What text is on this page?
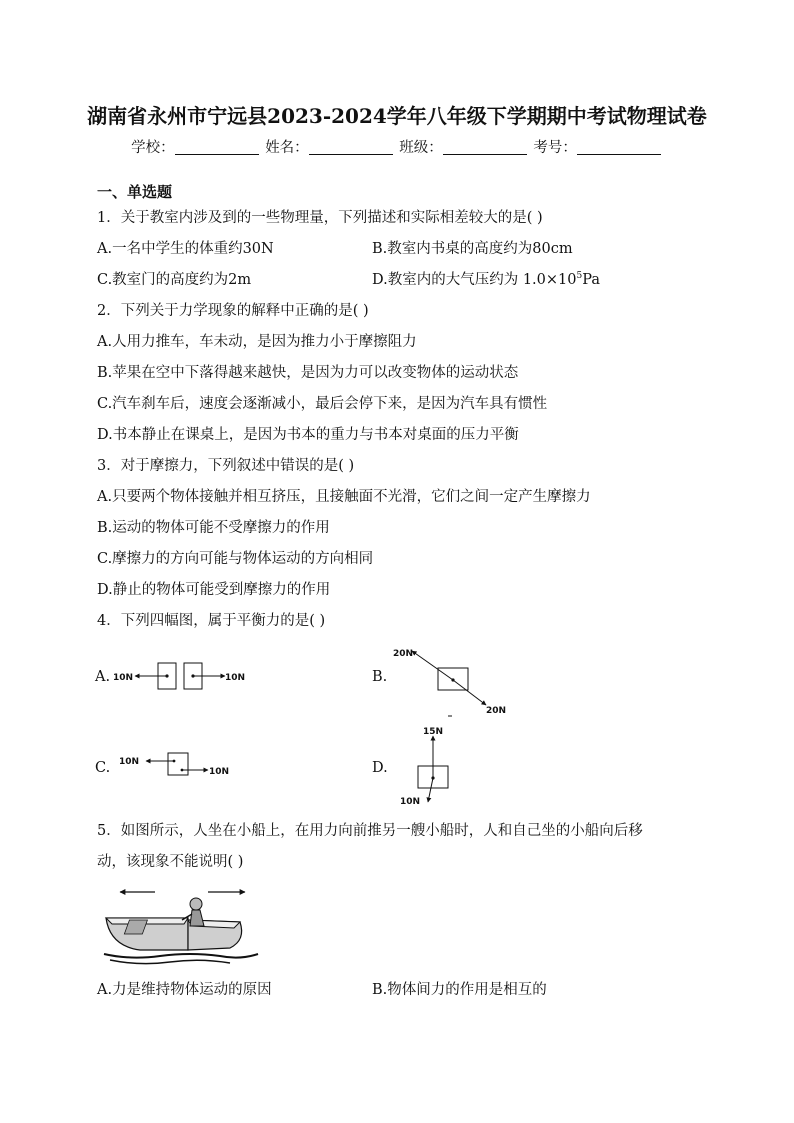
湖南省永州市宁远县2023-2024学年八年级下学期期中考试物理试卷
学校：	姓名：	班级：	考号：
一、单选题
1．关于教室内涉及到的一些物理量，下列描述和实际相差较大的是( )
A.一名中学生的体重约30N	B.教室内书桌的高度约为80cm
C.教室门的高度约为2m	D.教室内的大气压约为 $1.0\times 10^5Pa$
2．下列关于力学现象的解释中正确的是( )
A.人用力推车，车未动，是因为推力小于摩擦阻力
B.苹果在空中下落得越来越快，是因为力可以改变物体的运动状态
C.汽车刹车后，速度会逐渐减小，最后会停下来，是因为汽车具有惯性
D.书本静止在课桌上，是因为书本的重力与书本对桌面的压力平衡
3．对于摩擦力，下列叙述中错误的是( )
A.只要两个物体接触并相互挤压，且接触面不光滑，它们之间一定产生摩擦力
B.运动的物体可能不受摩擦力的作用
C.摩擦力的方向可能与物体运动的方向相同
D.静止的物体可能受到摩擦力的作用
4．下列四幅图，属于平衡力的是( )
A. 10N	10N	B.
20N
20N
C. 10N
10N	D.
15N
10N
5．如图所示，人坐在小船上，在用力向前推另一艘小船时，人和自己坐的小船向后移
动，该现象不能说明( )
A.力是维持物体运动的原因	B.物体间力的作用是相互的
